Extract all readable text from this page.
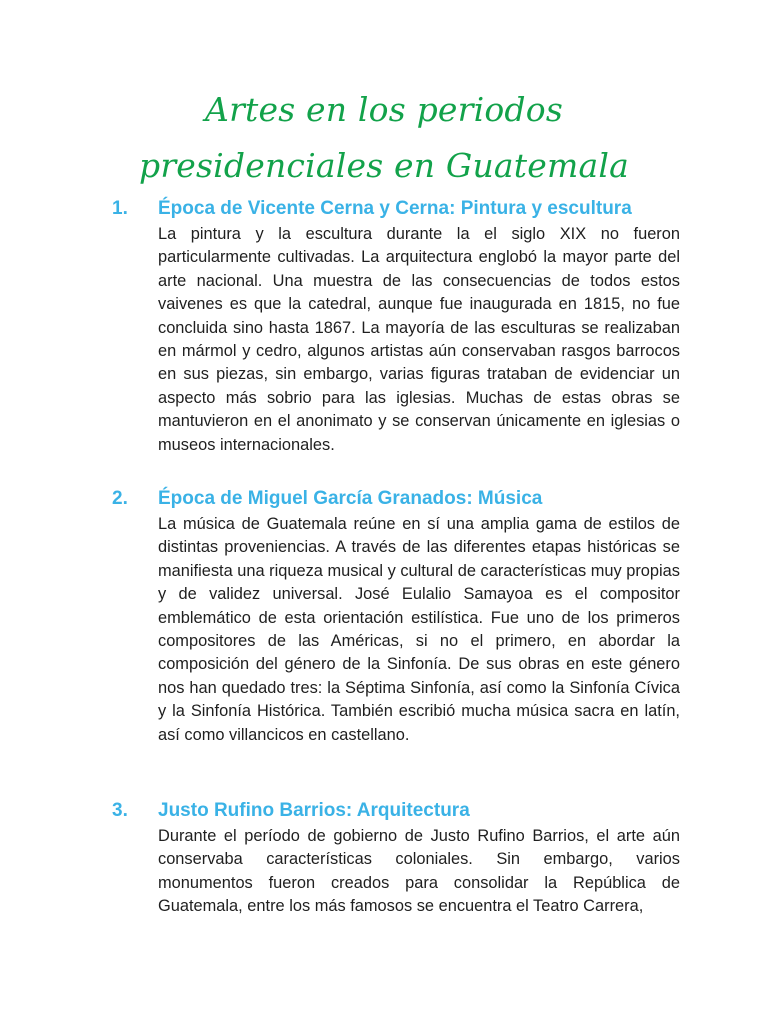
Artes en los periodos presidenciales en Guatemala
1. Época de Vicente Cerna y Cerna: Pintura y escultura

La pintura y la escultura durante la el siglo XIX no fueron particularmente cultivadas. La arquitectura englobó la mayor parte del arte nacional. Una muestra de las consecuencias de todos estos vaivenes es que la catedral, aunque fue inaugurada en 1815, no fue concluida sino hasta 1867. La mayoría de las esculturas se realizaban en mármol y cedro, algunos artistas aún conservaban rasgos barrocos en sus piezas, sin embargo, varias figuras trataban de evidenciar un aspecto más sobrio para las iglesias. Muchas de estas obras se mantuvieron en el anonimato y se conservan únicamente en iglesias o museos internacionales.

2. Época de Miguel García Granados: Música

La música de Guatemala reúne en sí una amplia gama de estilos de distintas proveniencias. A través de las diferentes etapas históricas se manifiesta una riqueza musical y cultural de características muy propias y de validez universal. José Eulalio Samayoa es el compositor emblemático de esta orientación estilística. Fue uno de los primeros compositores de las Américas, si no el primero, en abordar la composición del género de la Sinfonía. De sus obras en este género nos han quedado tres: la Séptima Sinfonía, así como la Sinfonía Cívica y la Sinfonía Histórica. También escribió mucha música sacra en latín, así como villancicos en castellano.

3. Justo Rufino Barrios: Arquitectura

Durante el período de gobierno de Justo Rufino Barrios, el arte aún conservaba características coloniales. Sin embargo, varios monumentos fueron creados para consolidar la República de Guatemala, entre los más famosos se encuentra el Teatro Carrera,
